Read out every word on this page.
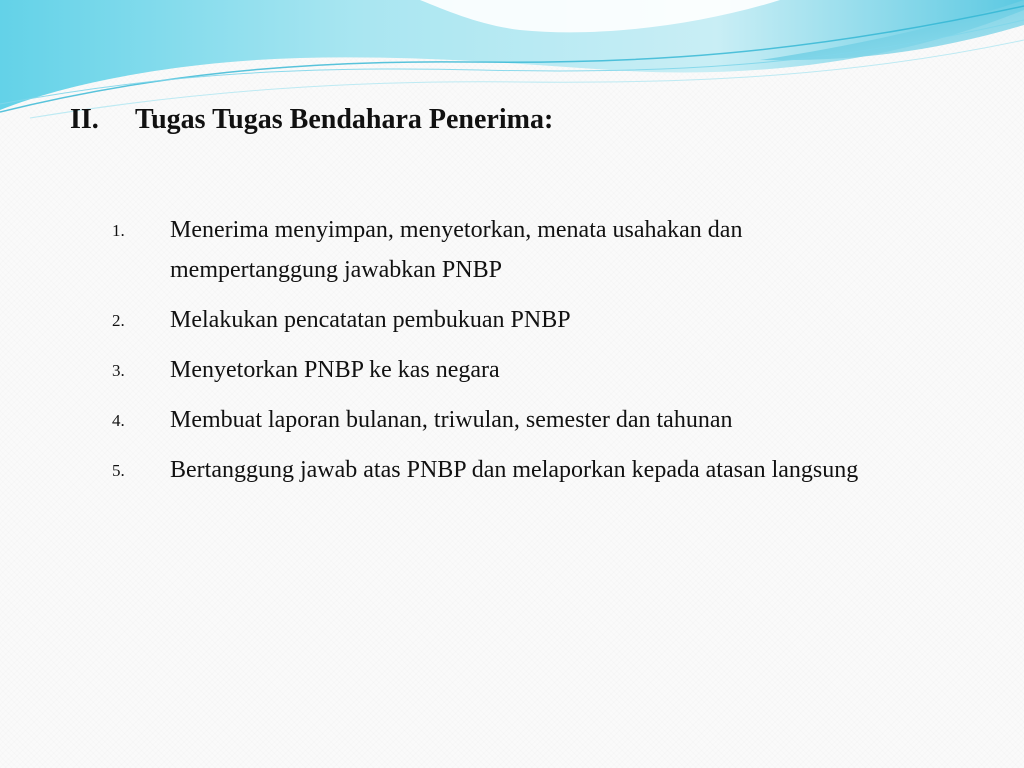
II. Tugas Tugas Bendahara Penerima:
1. Menerima menyimpan, menyetorkan, menata usahakan dan mempertanggung jawabkan PNBP
2. Melakukan pencatatan pembukuan PNBP
3. Menyetorkan PNBP ke kas negara
4. Membuat laporan bulanan, triwulan, semester dan tahunan
5. Bertanggung jawab atas PNBP dan melaporkan kepada atasan langsung
